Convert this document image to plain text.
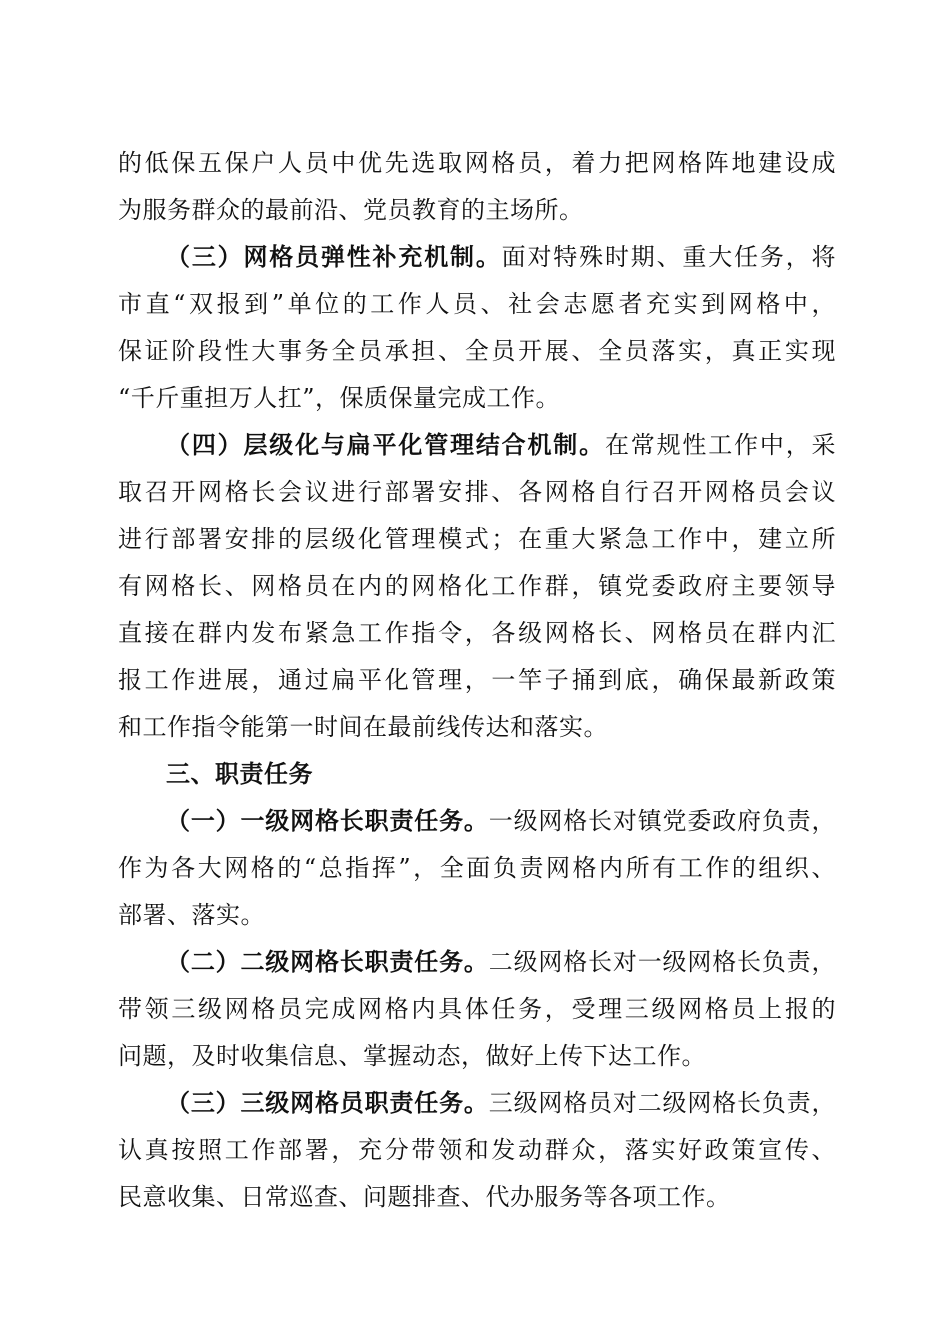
的低保五保户人员中优先选取网格员，着力把网格阵地建设成
为服务群众的最前沿、党员教育的主场所。
（三）网格员弹性补充机制。面对特殊时期、重大任务，将
市直“双报到”单位的工作人员、社会志愿者充实到网格中，
保证阶段性大事务全员承担、全员开展、全员落实，真正实现
“千斤重担万人扛”，保质保量完成工作。
（四）层级化与扁平化管理结合机制。在常规性工作中，采
取召开网格长会议进行部署安排、各网格自行召开网格员会议
进行部署安排的层级化管理模式；在重大紧急工作中，建立所
有网格长、网格员在内的网格化工作群，镇党委政府主要领导
直接在群内发布紧急工作指令，各级网格长、网格员在群内汇
报工作进展，通过扁平化管理，一竿子捅到底，确保最新政策
和工作指令能第一时间在最前线传达和落实。
三、职责任务
（一）一级网格长职责任务。一级网格长对镇党委政府负责，
作为各大网格的“总指挥”，全面负责网格内所有工作的组织、
部署、落实。
（二）二级网格长职责任务。二级网格长对一级网格长负责，
带领三级网格员完成网格内具体任务，受理三级网格员上报的
问题，及时收集信息、掌握动态，做好上传下达工作。
（三）三级网格员职责任务。三级网格员对二级网格长负责，
认真按照工作部署，充分带领和发动群众，落实好政策宣传、
民意收集、日常巡查、问题排查、代办服务等各项工作。
